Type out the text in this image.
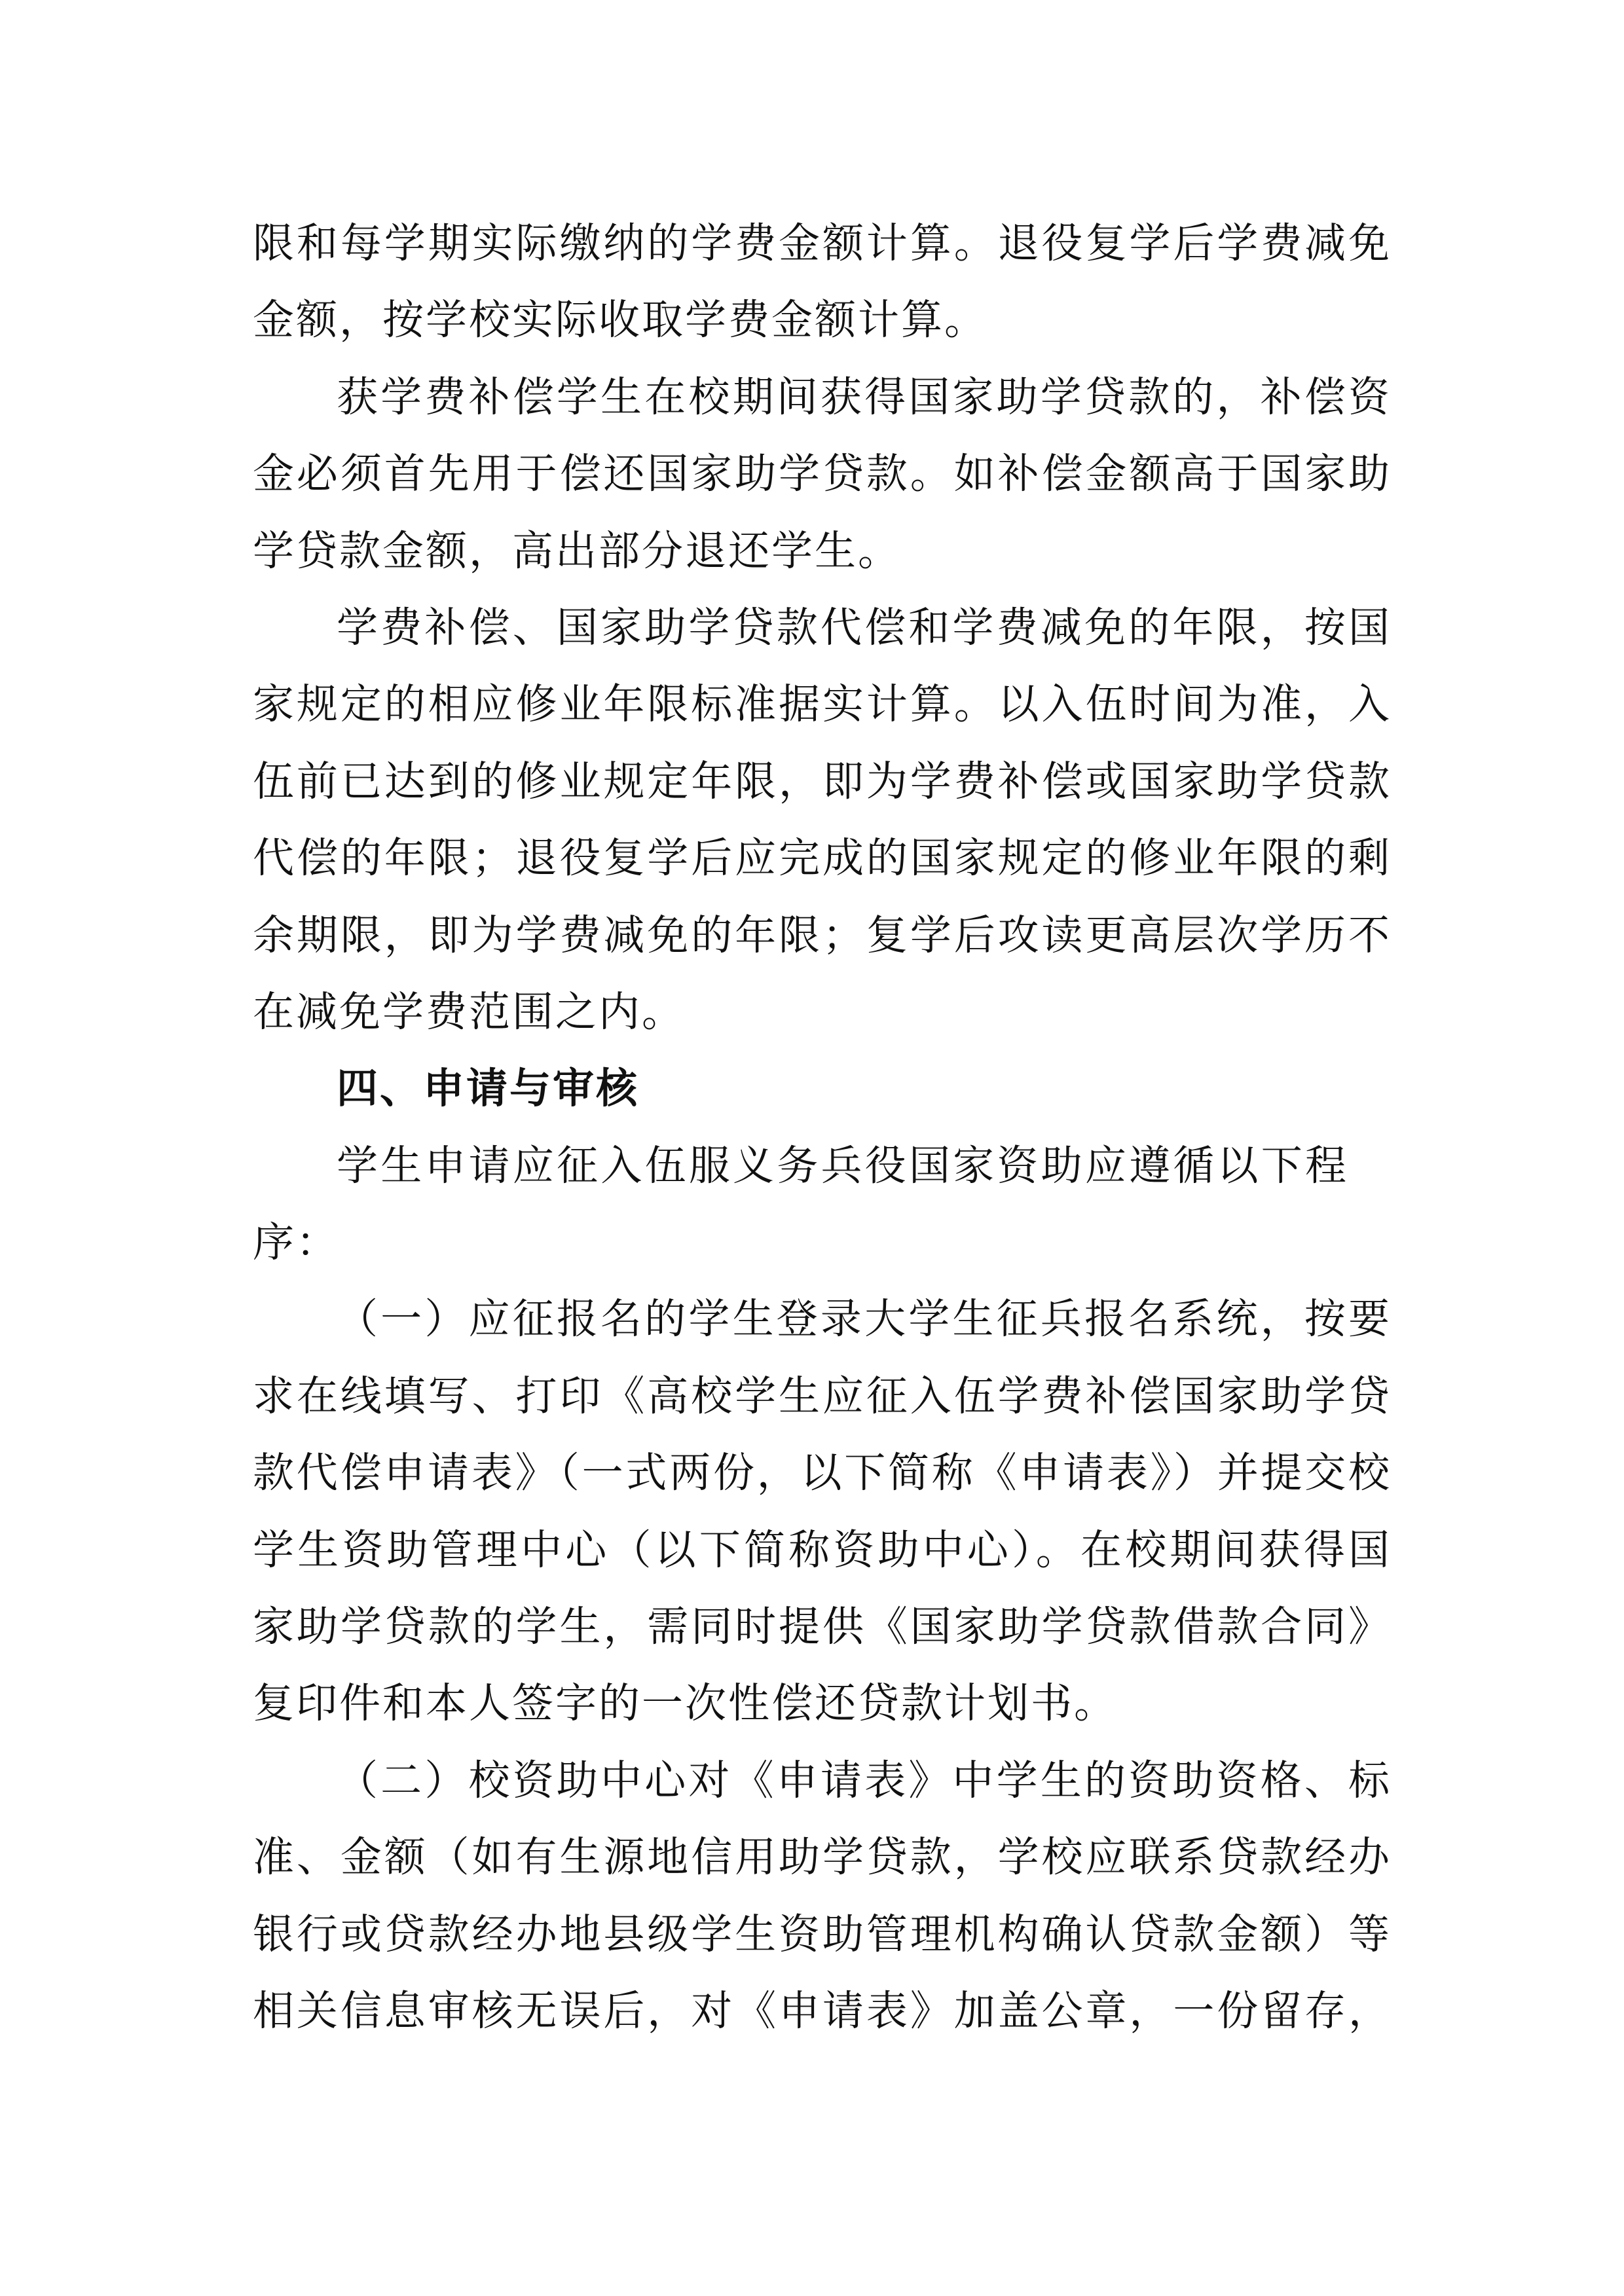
限和每学期实际缴纳的学费金额计算。退役复学后学费减免
金额，按学校实际收取学费金额计算。
获学费补偿学生在校期间获得国家助学贷款的，补偿资
金必须首先用于偿还国家助学贷款。如补偿金额高于国家助
学贷款金额，高出部分退还学生。
学费补偿、国家助学贷款代偿和学费减免的年限，按国
家规定的相应修业年限标准据实计算。以入伍时间为准，入
伍前已达到的修业规定年限，即为学费补偿或国家助学贷款
代偿的年限；退役复学后应完成的国家规定的修业年限的剩
余期限，即为学费减免的年限；复学后攻读更高层次学历不
在减免学费范围之内。
四、申请与审核
学生申请应征入伍服义务兵役国家资助应遵循以下程
序：
（一）应征报名的学生登录大学生征兵报名系统，按要
求在线填写、打印《高校学生应征入伍学费补偿国家助学贷
款代偿申请表》（一式两份，以下简称《申请表》）并提交校
学生资助管理中心（以下简称资助中心）。在校期间获得国
家助学贷款的学生，需同时提供《国家助学贷款借款合同》
复印件和本人签字的一次性偿还贷款计划书。
（二）校资助中心对《申请表》中学生的资助资格、标
准、金额（如有生源地信用助学贷款，学校应联系贷款经办
银行或贷款经办地县级学生资助管理机构确认贷款金额）等
相关信息审核无误后，对《申请表》加盖公章，一份留存，
